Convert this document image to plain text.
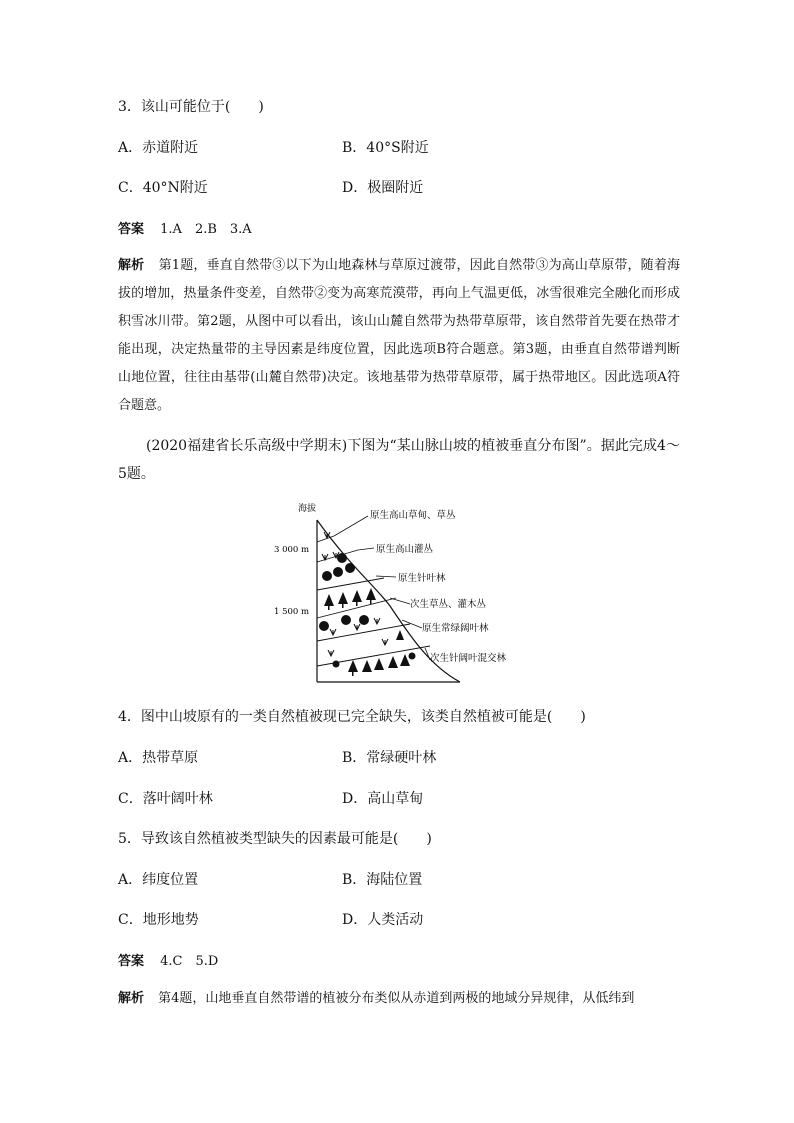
3．该山可能位于(　　)
A．赤道附近	B．40°S附近
C．40°N附近	D．极圈附近
答案 1.A　2.B　3.A
解析 第1题，垂直自然带③以下为山地森林与草原过渡带，因此自然带③为高山草原带，随着海拔的增加，热量条件变差，自然带②变为高寒荒漠带，再向上气温更低，冰雪很难完全融化而形成积雪冰川带。第2题，从图中可以看出，该山山麓自然带为热带草原带，该自然带首先要在热带才能出现，决定热量带的主导因素是纬度位置，因此选项B符合题意。第3题，由垂直自然带谱判断山地位置，往往由基带(山麓自然带)决定。该地基带为热带草原带，属于热带地区。因此选项A符合题意。
(2020福建省长乐高级中学期末)下图为“某山脉山坡的植被垂直分布图”。据此完成4～5题。
海拔
3 000 m
1 500 m
原生高山草甸、草丛
原生高山灌丛
原生针叶林
次生草丛、灌木丛
原生常绿阔叶林
次生针阔叶混交林
4．图中山坡原有的一类自然植被现已完全缺失，该类自然植被可能是(　　)
A．热带草原	B．常绿硬叶林
C．落叶阔叶林	D．高山草甸
5．导致该自然植被类型缺失的因素最可能是(　　)
A．纬度位置	B．海陆位置
C．地形地势	D．人类活动
答案 4.C　5.D
解析 第4题，山地垂直自然带谱的植被分布类似从赤道到两极的地域分异规律，从低纬到
